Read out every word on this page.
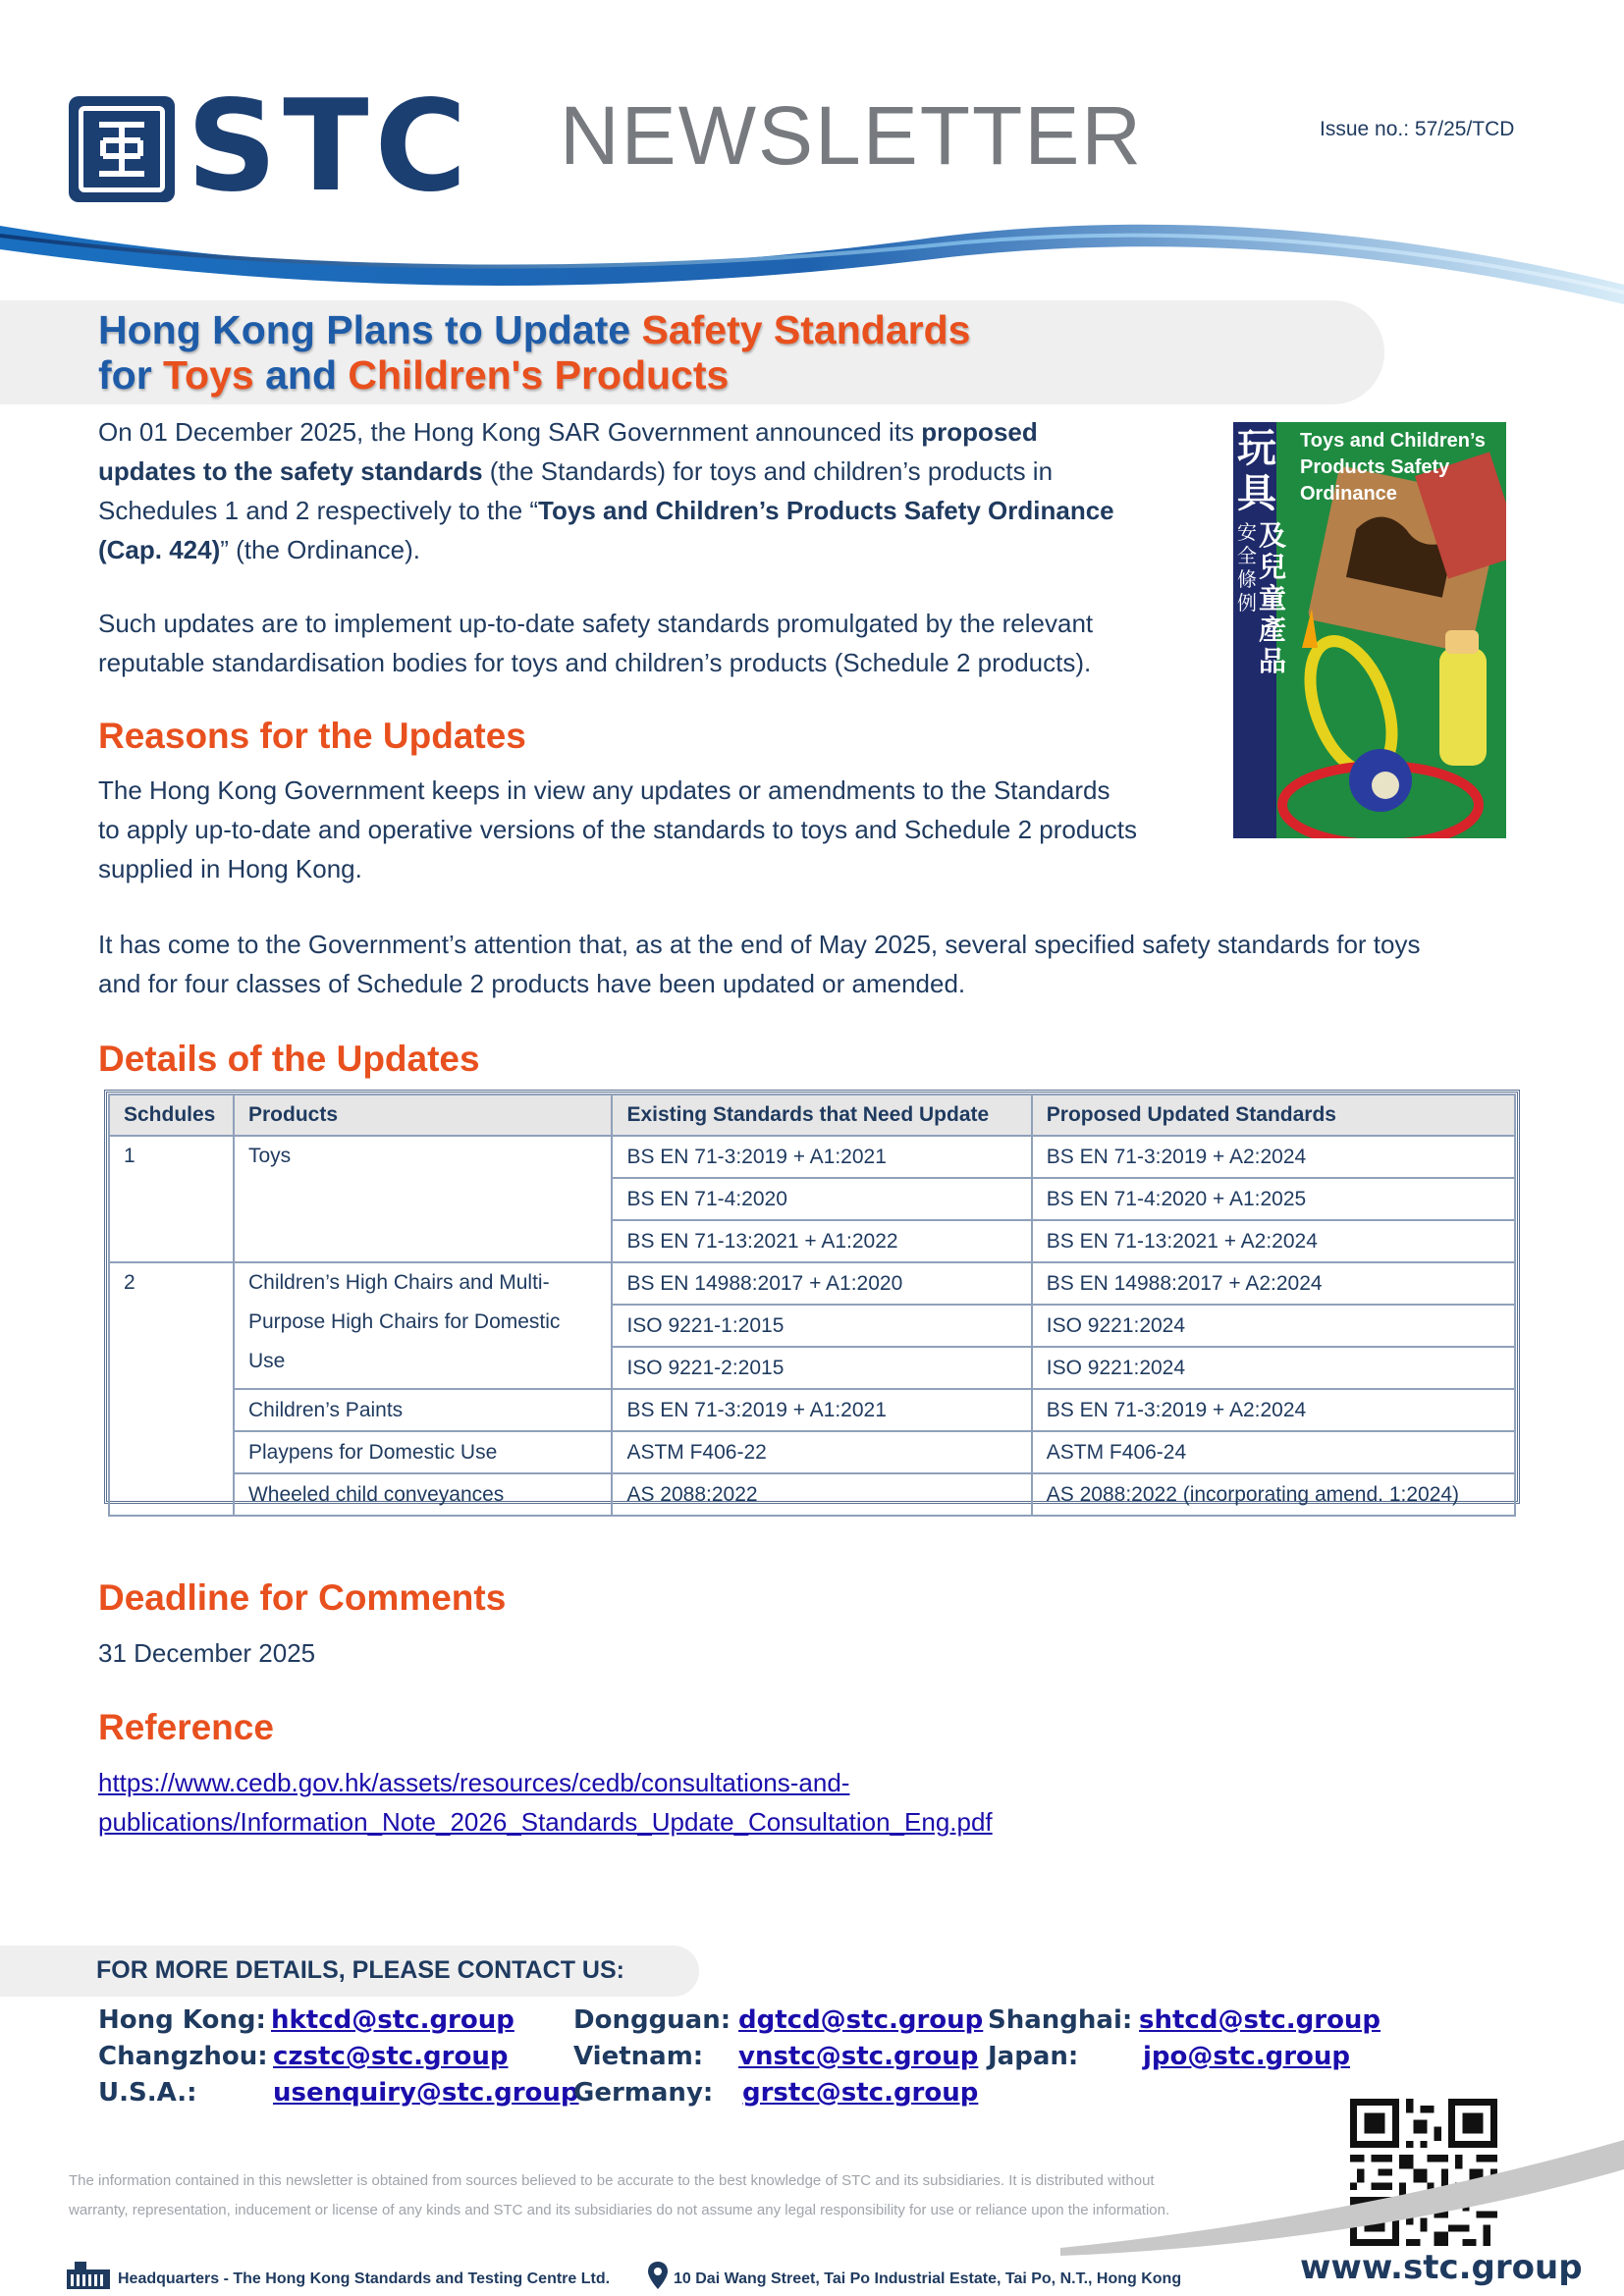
STC NEWSLETTER	Issue no.: 57/25/TCD
Hong Kong Plans to Update Safety Standards
for Toys and Children's Products
On 01 December 2025, the Hong Kong SAR Government announced its proposed
updates to the safety standards (the Standards) for toys and children’s products in
Schedules 1 and 2 respectively to the “Toys and Children’s Products Safety Ordinance
(Cap. 424)” (the Ordinance).
Such updates are to implement up-to-date safety standards promulgated by the relevant
reputable standardisation bodies for toys and children’s products (Schedule 2 products).
玩具
安全條例
及兒童產品
Toys and Children’s Products Safety Ordinance
Reasons for the Updates
The Hong Kong Government keeps in view any updates or amendments to the Standards
to apply up-to-date and operative versions of the standards to toys and Schedule 2 products
supplied in Hong Kong.
It has come to the Government’s attention that, as at the end of May 2025, several specified safety standards for toys
and for four classes of Schedule 2 products have been updated or amended.
Details of the Updates
Schdules	Products	Existing Standards that Need Update	Proposed Updated Standards
1	Toys	BS EN 71-3:2019 + A1:2021	BS EN 71-3:2019 + A2:2024
		BS EN 71-4:2020	BS EN 71-4:2020 + A1:2025
		BS EN 71-13:2021 + A1:2022	BS EN 71-13:2021 + A2:2024
2	Children’s High Chairs and Multi-
Purpose High Chairs for Domestic
Use	BS EN 14988:2017 + A1:2020	BS EN 14988:2017 + A2:2024
		ISO 9221-1:2015	ISO 9221:2024
		ISO 9221-2:2015	ISO 9221:2024
	Children’s Paints	BS EN 71-3:2019 + A1:2021	BS EN 71-3:2019 + A2:2024
	Playpens for Domestic Use	ASTM F406-22	ASTM F406-24
	Wheeled child conveyances	AS 2088:2022	AS 2088:2022 (incorporating amend. 1:2024)
Deadline for Comments
31 December 2025
Reference
https://www.cedb.gov.hk/assets/resources/cedb/consultations-and-
publications/Information_Note_2026_Standards_Update_Consultation_Eng.pdf
FOR MORE DETAILS, PLEASE CONTACT US:
Hong Kong: hktcd@stc.group Dongguan: dgtcd@stc.group Shanghai: shtcd@stc.group
Changzhou: czstc@stc.group	Vietnam: vnstc@stc.group Japan:	jpo@stc.group
U.S.A.:	usenquiry@stc.group
Germany: grstc@stc.group
The information contained in this newsletter is obtained from sources believed to be accurate to the best knowledge of STC and its subsidiaries. It is distributed without
warranty, representation, inducement or license of any kinds and STC and its subsidiaries do not assume any legal responsibility for use or reliance upon the information.
Headquarters - The Hong Kong Standards and Testing Centre Ltd.	10 Dai Wang Street, Tai Po Industrial Estate, Tai Po, N.T., Hong Kong	www.stc.group
